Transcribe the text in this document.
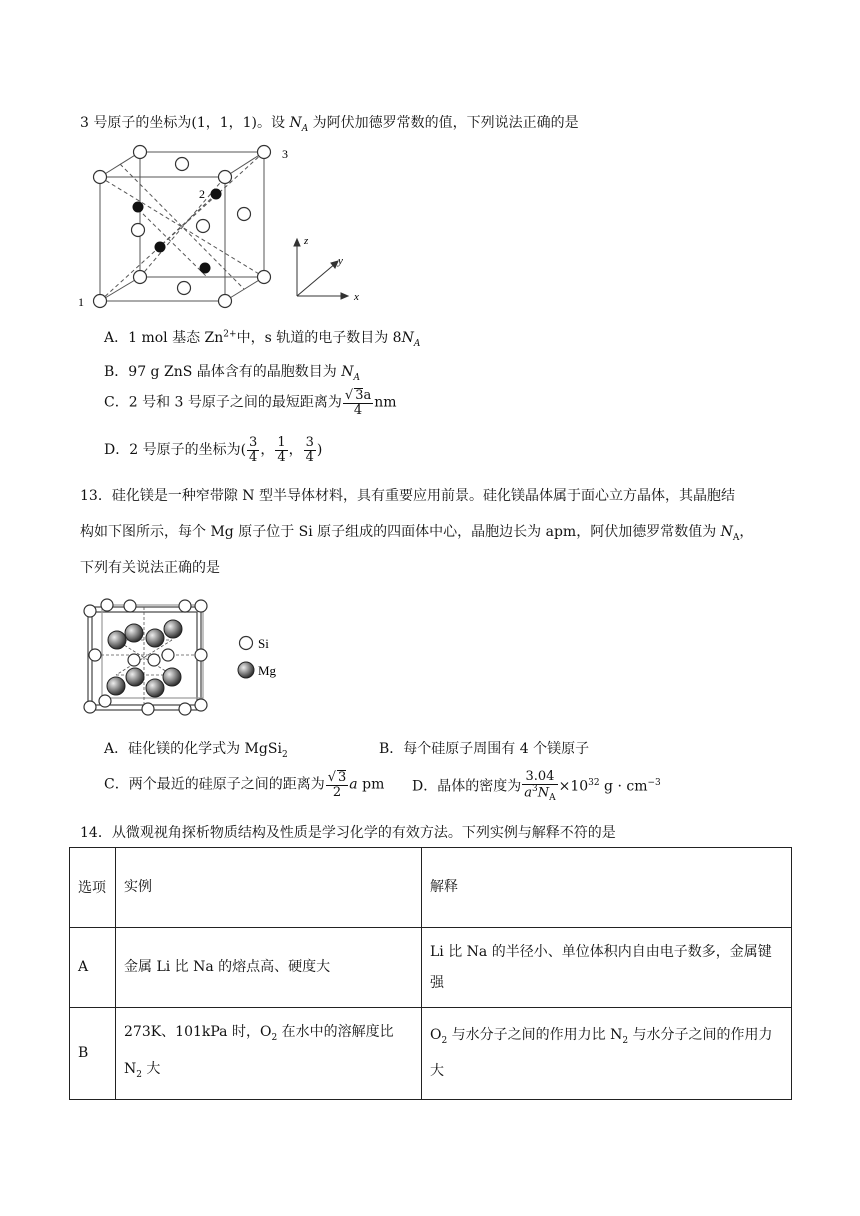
3 号原子的坐标为(1，1，1)。设 $N_A$ 为阿伏加德罗常数的值，下列说法正确的是
1
2
3
z
y
x
A．1 mol 基态 $Zn^{2+}$中，s 轨道的电子数目为 $8N_A$
B．97 g ZnS 晶体含有的晶胞数目为 $N_A$
C．2 号和 3 号原子之间的最短距离为 $\frac{√ 3a}{4}$ nm
D．2 号原子的坐标为( $\frac{3}{4}$ ， $\frac{1}{4}$ ， $\frac{3}{4}$ )
13．硅化镁是一种窄带隙 N 型半导体材料，具有重要应用前景。硅化镁晶体属于面心立方晶体，其晶胞结
构如下图所示，每个 Mg 原子位于 Si 原子组成的四面体中心，晶胞边长为 apm，阿伏加德罗常数值为 $N_A$，
下列有关说法正确的是
Si
Mg
A．硅化镁的化学式为 MgSi$_2$	B．每个硅原子周围有 4 个镁原子
C．两个最近的硅原子之间的距离为 $\frac{√ 3}{2}$ a pm D．晶体的密度为 $\frac{3.04}{a^3N_A} \times 10^{32}$ $g \cdot cm^{-3}$
14．从微观视角探析物质结构及性质是学习化学的有效方法。下列实例与解释不符的是
选项	实例	解释
A	金属 Li 比 Na 的熔点高、硬度大	Li 比 Na 的半径小、单位体积内自由电子数多，金属键强
B	273K、101kPa 时，$O_2$ 在水中的溶解度比 $N_2$ 大	$O_2$ 与水分子之间的作用力比 $N_2$ 与水分子之间的作用力大
